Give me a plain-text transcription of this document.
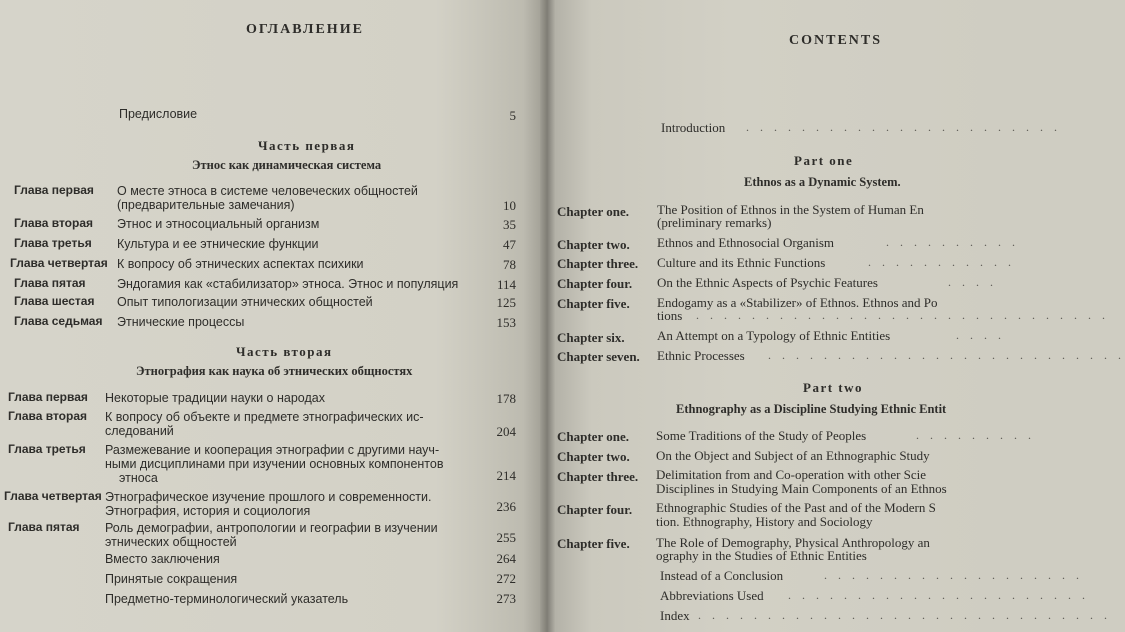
ОГЛАВЛЕНИЕ
Предисловие	5
Часть первая
Этнос как динамическая система
Глава первая О месте этноса в системе человеческих общностей
(предварительные замечания)	10
Глава вторая Этнос и этносоциальный организм	35
Глава третья Культура и ее этнические функции	47
Глава четвертая К вопросу об этнических аспектах психики	78
Глава пятая	Эндогамия как «стабилизатор» этноса. Этнос и популяция	114
Глава шестая Опыт типологизации этнических общностей	125
Глава седьмая Этнические процессы	153
Часть вторая
Этнография как наука об этнических общностях
Глава первая Некоторые традиции науки о народах	178
Глава вторая К вопросу об объекте и предмете этнографических ис-
следований	204
Глава третья Размежевание и кооперация этнографии с другими науч-
ными дисциплинами при изучении основных компонентов
этноса	214
Глава четвертая Этнографическое изучение прошлого и современности.
Этнография, история и социология	236
Глава пятая Роль демографии, антропологии и географии в изучении
этнических общностей	255
Вместо заключения	264
Принятые сокращения	272
Предметно-терминологический указатель	273
CONTENTS
Introduction . . . . . . . . . . . . . . . . . . . . . . .
Part one
Ethnos as a Dynamic System.
Chapter one. The Position of Ethnos in the System of Human En
(preliminary remarks)
Chapter two. Ethnos and Ethnosocial Organism	. . . . . . . . . .
Chapter three. Culture and its Ethnic Functions	. . . . . . . . . . .
Chapter four. On the Ethnic Aspects of Psychic Features	. . . .
Chapter five. Endogamy as a «Stabilizer» of Ethnos. Ethnos and Po
tions . . . . . . . . . . . . . . . . . . . . . . . . . . . . . .
Chapter six. An Attempt on a Typology of Ethnic Entities	. . . .
Chapter seven. Ethnic Processes . . . . . . . . . . . . . . . . . . . . . . . . . .
Part two
Ethnography as a Discipline Studying Ethnic Entit
Chapter one. Some Traditions of the Study of Peoples	. . . . . . . . .
Chapter two. On the Object and Subject of an Ethnographic Study
Chapter three. Delimitation from and Co-operation with other Scie
Disciplines in Studying Main Components of an Ethnos
Chapter four. Ethnographic Studies of the Past and of the Modern S
tion. Ethnography, History and Sociology
Chapter five. The Role of Demography, Physical Anthropology an
ography in the Studies of Ethnic Entities
Instead of a Conclusion	. . . . . . . . . . . . . . . . . . .
Abbreviations Used . . . . . . . . . . . . . . . . . . . . . .
Index . . . . . . . . . . . . . . . . . . . . . . . . . . . . . .
